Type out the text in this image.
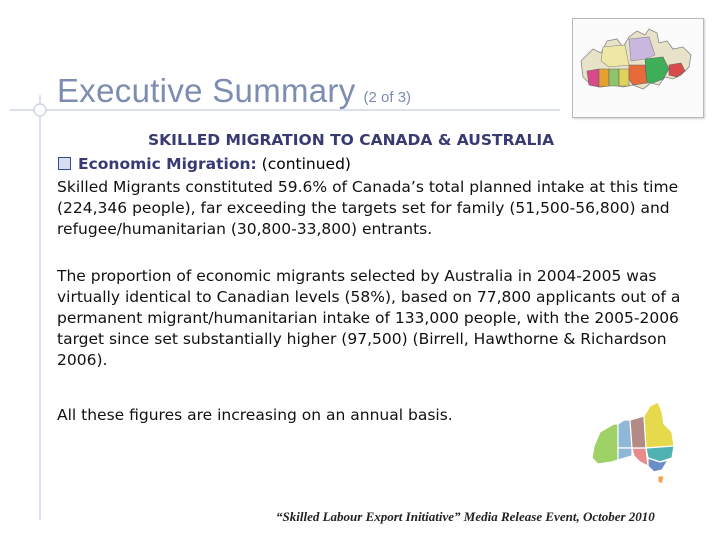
Executive Summary (2 of 3)
SKILLED MIGRATION TO CANADA & AUSTRALIA
Economic Migration: (continued)
Skilled Migrants constituted 59.6% of Canada’s total planned intake at this time (224,346 people), far exceeding the targets set for family (51,500-56,800) and refugee/humanitarian (30,800-33,800) entrants.
The proportion of economic migrants selected by Australia in 2004-2005 was virtually identical to Canadian levels (58%), based on 77,800 applicants out of a permanent migrant/humanitarian intake of 133,000 people, with the 2005-2006 target since set substantially higher (97,500) (Birrell, Hawthorne & Richardson 2006).
All these figures are increasing on an annual basis.
“Skilled Labour Export Initiative” Media Release Event, October 2010
